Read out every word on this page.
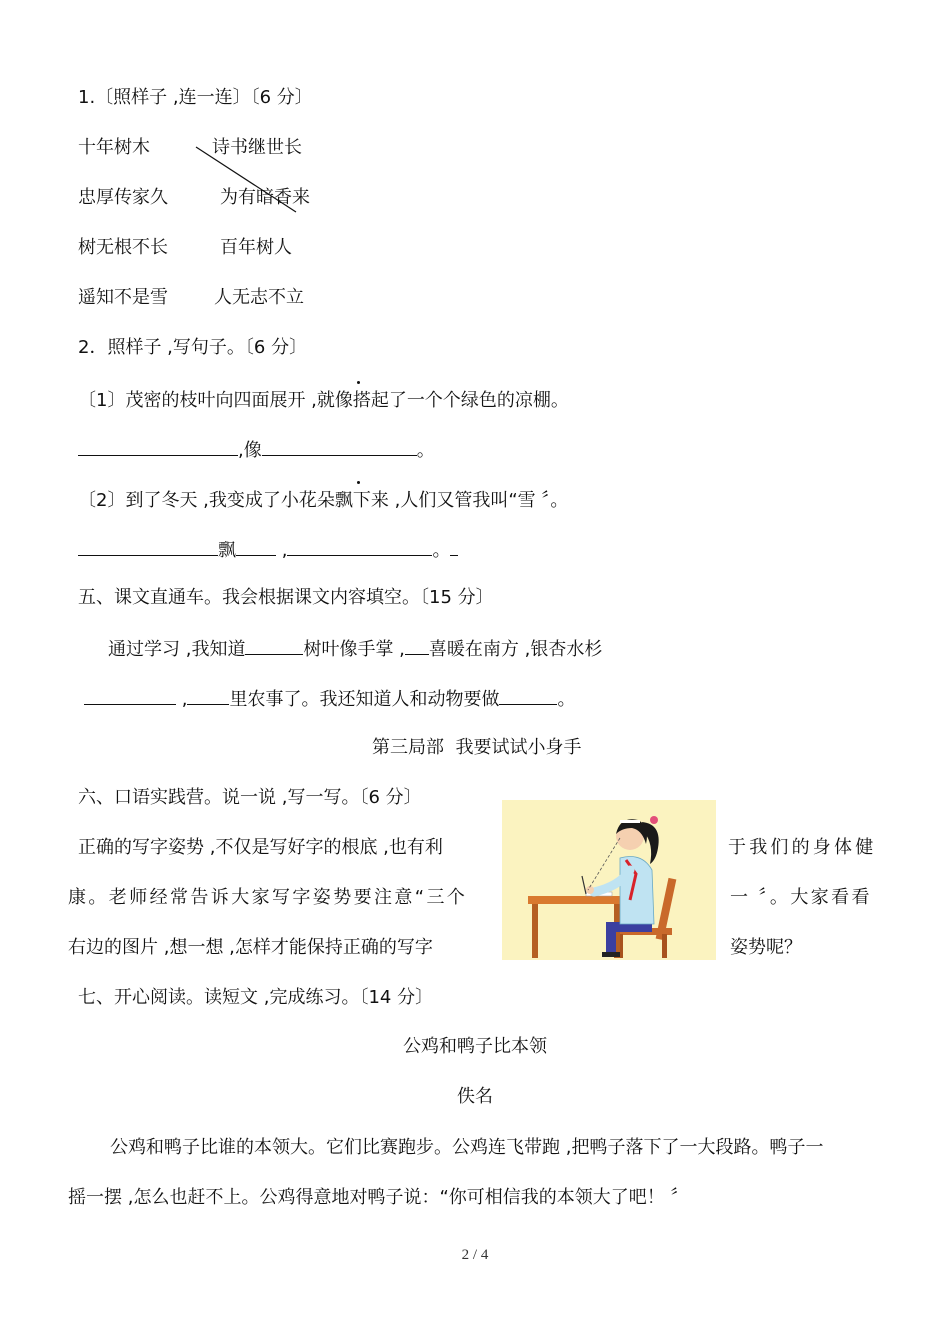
1.〔照样子 ,连一连〕〔6 分〕
十年树木	诗书继世长
忠厚传家久	为有暗香来
树无根不长	百年树人
遥知不是雪	人无志不立
2．照样子 ,写句子。〔6 分〕
〔1〕茂密的枝叶向四面展开 ,就像搭起了一个个绿色的凉棚。
,像	。
〔2〕到了冬天 ,我变成了小花朵飘下来 ,人们又管我叫“雪 〞。
飘	,	。
五、课文直通车。我会根据课文内容填空。〔15 分〕
通过学习 ,我知道	树叶像手掌 , 喜暖在南方 ,银杏水杉
, 里农事了。我还知道人和动物要做	。
第三局部  我要试试小身手
六、口语实践营。说一说 ,写一写。〔6 分〕
正确的写字姿势 ,不仅是写好字的根底 ,也有利	于我们的身体健
康。老师经常告诉大家写字姿势要注意“三个	一 〞。大家看看
右边的图片 ,想一想 ,怎样才能保持正确的写字	姿势呢？
七、开心阅读。读短文 ,完成练习。〔14 分〕
公鸡和鸭子比本领
佚名
公鸡和鸭子比谁的本领大。它们比赛跑步。公鸡连飞带跑 ,把鸭子落下了一大段路。鸭子一
摇一摆 ,怎么也赶不上。公鸡得意地对鸭子说：“你可相信我的本领大了吧！ 〞
2 / 4
